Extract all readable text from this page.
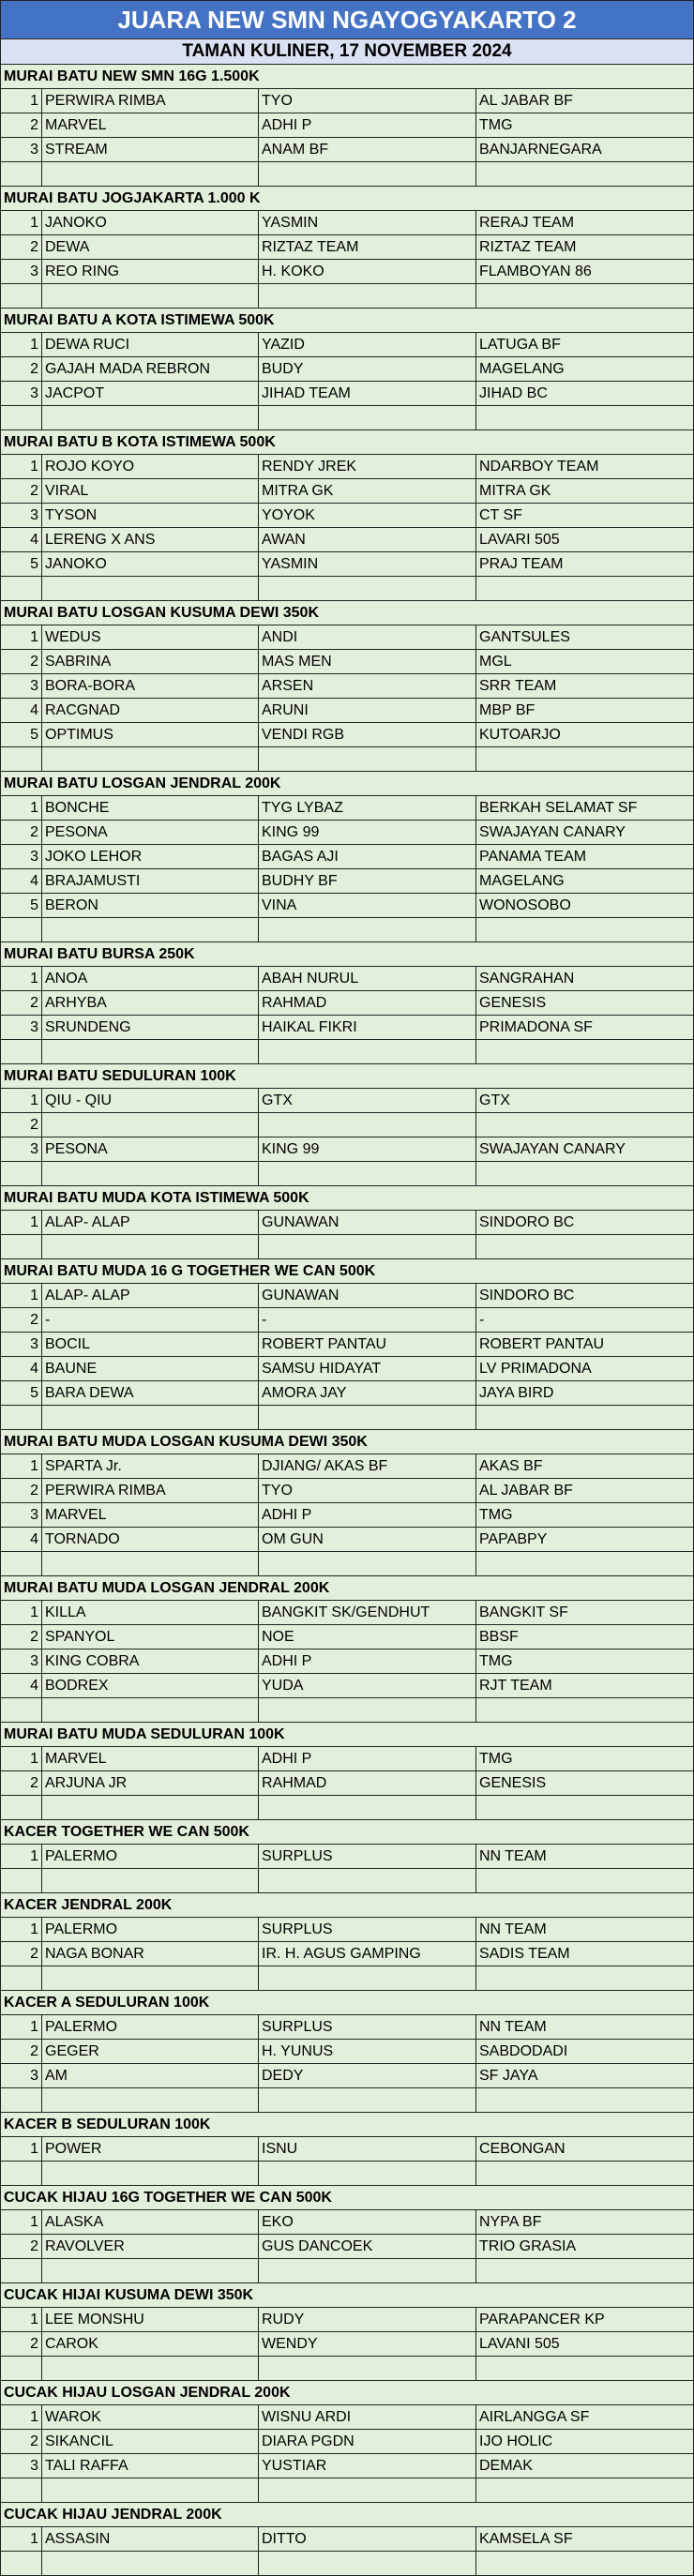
JUARA NEW SMN NGAYOGYAKARTO 2
TAMAN KULINER, 17 NOVEMBER 2024
MURAI BATU NEW SMN 16G 1.500K
1 PERWIRA RIMBA	TYO	AL JABAR BF
2 MARVEL	ADHI P	TMG
3 STREAM	ANAM BF	BANJARNEGARA
MURAI BATU JOGJAKARTA 1.000 K
1 JANOKO	YASMIN	RERAJ TEAM
2 DEWA	RIZTAZ TEAM	RIZTAZ TEAM
3 REO RING	H. KOKO	FLAMBOYAN 86
MURAI BATU A KOTA ISTIMEWA 500K
1 DEWA RUCI	YAZID	LATUGA BF
2 GAJAH MADA REBRON	BUDY	MAGELANG
3 JACPOT	JIHAD TEAM	JIHAD BC
MURAI BATU B KOTA ISTIMEWA 500K
1 ROJO KOYO	RENDY JREK	NDARBOY TEAM
2 VIRAL	MITRA GK	MITRA GK
3 TYSON	YOYOK	CT SF
4 LERENG X ANS	AWAN	LAVARI 505
5 JANOKO	YASMIN	PRAJ TEAM
MURAI BATU LOSGAN KUSUMA DEWI 350K
1 WEDUS	ANDI	GANTSULES
2 SABRINA	MAS MEN	MGL
3 BORA-BORA	ARSEN	SRR TEAM
4 RACGNAD	ARUNI	MBP BF
5 OPTIMUS	VENDI RGB	KUTOARJO
MURAI BATU LOSGAN JENDRAL 200K
1 BONCHE	TYG LYBAZ	BERKAH SELAMAT SF
2 PESONA	KING 99	SWAJAYAN CANARY
3 JOKO LEHOR	BAGAS AJI	PANAMA TEAM
4 BRAJAMUSTI	BUDHY BF	MAGELANG
5 BERON	VINA	WONOSOBO
MURAI BATU BURSA 250K
1 ANOA	ABAH NURUL	SANGRAHAN
2 ARHYBA	RAHMAD	GENESIS
3 SRUNDENG	HAIKAL FIKRI	PRIMADONA SF
MURAI BATU SEDULURAN 100K
1 QIU - QIU	GTX	GTX
2
3 PESONA	KING 99	SWAJAYAN CANARY
MURAI BATU MUDA KOTA ISTIMEWA 500K
1 ALAP- ALAP	GUNAWAN	SINDORO BC
MURAI BATU MUDA 16 G TOGETHER WE CAN 500K
1 ALAP- ALAP	GUNAWAN	SINDORO BC
2 -	-	-
3 BOCIL	ROBERT PANTAU	ROBERT PANTAU
4 BAUNE	SAMSU HIDAYAT	LV PRIMADONA
5 BARA DEWA	AMORA JAY	JAYA BIRD
MURAI BATU MUDA LOSGAN KUSUMA DEWI 350K
1 SPARTA Jr.	DJIANG/ AKAS BF	AKAS BF
2 PERWIRA RIMBA	TYO	AL JABAR BF
3 MARVEL	ADHI P	TMG
4 TORNADO	OM GUN	PAPABPY
MURAI BATU MUDA LOSGAN JENDRAL 200K
1 KILLA	BANGKIT SK/GENDHUT	BANGKIT SF
2 SPANYOL	NOE	BBSF
3 KING COBRA	ADHI P	TMG
4 BODREX	YUDA	RJT TEAM
MURAI BATU MUDA SEDULURAN 100K
1 MARVEL	ADHI P	TMG
2 ARJUNA JR	RAHMAD	GENESIS
KACER TOGETHER WE CAN 500K
1 PALERMO	SURPLUS	NN TEAM
KACER JENDRAL 200K
1 PALERMO	SURPLUS	NN TEAM
2 NAGA BONAR	IR. H. AGUS GAMPING	SADIS TEAM
KACER A SEDULURAN 100K
1 PALERMO	SURPLUS	NN TEAM
2 GEGER	H. YUNUS	SABDODADI
3 AM	DEDY	SF JAYA
KACER B SEDULURAN 100K
1 POWER	ISNU	CEBONGAN
CUCAK HIJAU 16G TOGETHER WE CAN 500K
1 ALASKA	EKO	NYPA BF
2 RAVOLVER	GUS DANCOEK	TRIO GRASIA
CUCAK HIJAI KUSUMA DEWI 350K
1 LEE MONSHU	RUDY	PARAPANCER KP
2 CAROK	WENDY	LAVANI 505
CUCAK HIJAU LOSGAN JENDRAL 200K
1 WAROK	WISNU ARDI	AIRLANGGA SF
2 SIKANCIL	DIARA PGDN	IJO HOLIC
3 TALI RAFFA	YUSTIAR	DEMAK
CUCAK HIJAU JENDRAL 200K
1 ASSASIN	DITTO	KAMSELA SF
